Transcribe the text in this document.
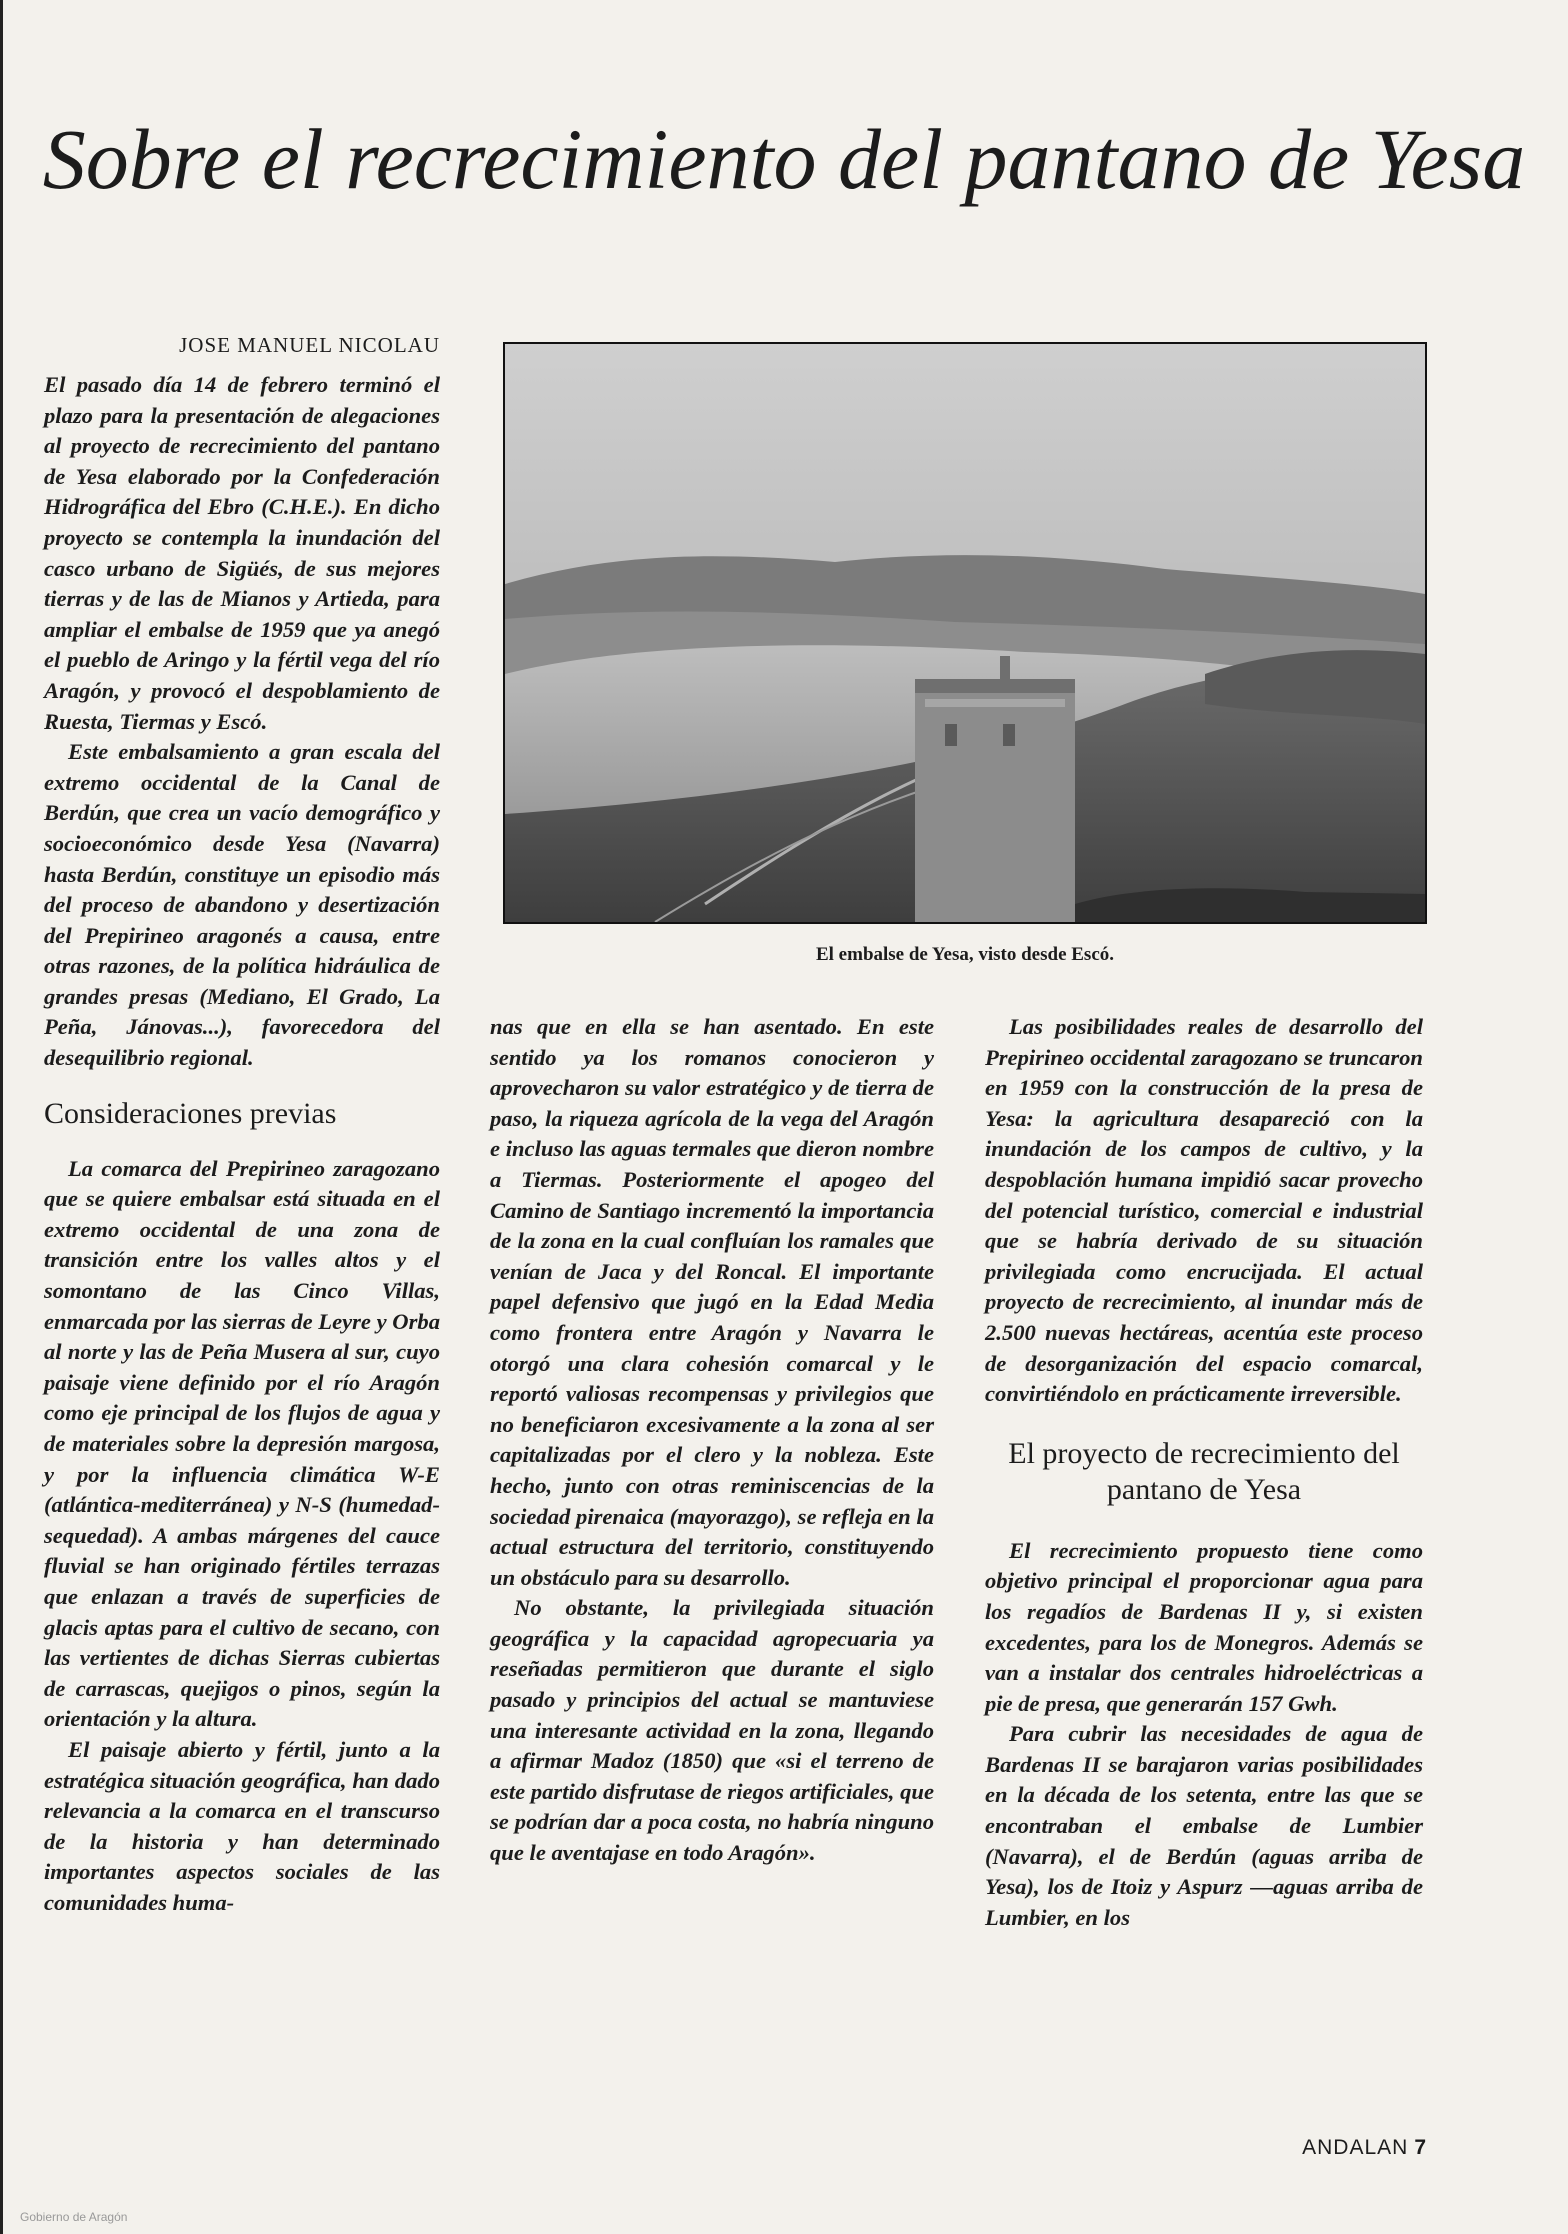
Sobre el recrecimiento del pantano de Yesa

JOSE MANUEL NICOLAU

El pasado día 14 de febrero terminó el plazo para la presentación de alegaciones al proyecto de recrecimiento del pantano de Yesa elaborado por la Confederación Hidrográfica del Ebro (C.H.E.). En dicho proyecto se contempla la inundación del casco urbano de Sigüés, de sus mejores tierras y de las de Mianos y Artieda, para ampliar el embalse de 1959 que ya anegó el pueblo de Aringo y la fértil vega del río Aragón, y provocó el despoblamiento de Ruesta, Tiermas y Escó.

Este embalsamiento a gran escala del extremo occidental de la Canal de Berdún, que crea un vacío demográfico y socioeconómico desde Yesa (Navarra) hasta Berdún, constituye un episodio más del proceso de abandono y desertización del Prepirineo aragonés a causa, entre otras razones, de la política hidráulica de grandes presas (Mediano, El Grado, La Peña, Jánovas...), favorecedora del desequilibrio regional.

Consideraciones previas

La comarca del Prepirineo zaragozano que se quiere embalsar está situada en el extremo occidental de una zona de transición entre los valles altos y el somontano de las Cinco Villas, enmarcada por las sierras de Leyre y Orba al norte y las de Peña Musera al sur, cuyo paisaje viene definido por el río Aragón como eje principal de los flujos de agua y de materiales sobre la depresión margosa, y por la influencia climática W-E (atlántica-mediterránea) y N-S (humedad-sequedad). A ambas márgenes del cauce fluvial se han originado fértiles terrazas que enlazan a través de superficies de glacis aptas para el cultivo de secano, con las vertientes de dichas Sierras cubiertas de carrascas, quejigos o pinos, según la orientación y la altura.

El paisaje abierto y fértil, junto a la estratégica situación geográfica, han dado relevancia a la comarca en el transcurso de la historia y han determinado importantes aspectos sociales de las comunidades huma-

El embalse de Yesa, visto desde Escó.

nas que en ella se han asentado. En este sentido ya los romanos conocieron y aprovecharon su valor estratégico y de tierra de paso, la riqueza agrícola de la vega del Aragón e incluso las aguas termales que dieron nombre a Tiermas. Posteriormente el apogeo del Camino de Santiago incrementó la importancia de la zona en la cual confluían los ramales que venían de Jaca y del Roncal. El importante papel defensivo que jugó en la Edad Media como frontera entre Aragón y Navarra le otorgó una clara cohesión comarcal y le reportó valiosas recompensas y privilegios que no beneficiaron excesivamente a la zona al ser capitalizadas por el clero y la nobleza. Este hecho, junto con otras reminiscencias de la sociedad pirenaica (mayorazgo), se refleja en la actual estructura del territorio, constituyendo un obstáculo para su desarrollo.

No obstante, la privilegiada situación geográfica y la capacidad agropecuaria ya reseñadas permitieron que durante el siglo pasado y principios del actual se mantuviese una interesante actividad en la zona, llegando a afirmar Madoz (1850) que «si el terreno de este partido disfrutase de riegos artificiales, que se podrían dar a poca costa, no habría ninguno que le aventajase en todo Aragón».

Las posibilidades reales de desarrollo del Prepirineo occidental zaragozano se truncaron en 1959 con la construcción de la presa de Yesa: la agricultura desapareció con la inundación de los campos de cultivo, y la despoblación humana impidió sacar provecho del potencial turístico, comercial e industrial que se habría derivado de su situación privilegiada como encrucijada. El actual proyecto de recrecimiento, al inundar más de 2.500 nuevas hectáreas, acentúa este proceso de desorganización del espacio comarcal, convirtiéndolo en prácticamente irreversible.

El proyecto de recrecimiento del pantano de Yesa

El recrecimiento propuesto tiene como objetivo principal el proporcionar agua para los regadíos de Bardenas II y, si existen excedentes, para los de Monegros. Además se van a instalar dos centrales hidroeléctricas a pie de presa, que generarán 157 Gwh.

Para cubrir las necesidades de agua de Bardenas II se barajaron varias posibilidades en la década de los setenta, entre las que se encontraban el embalse de Lumbier (Navarra), el de Berdún (aguas arriba de Yesa), los de Itoiz y Aspurz —aguas arriba de Lumbier, en los

ANDALAN 7
Gobierno de Aragón
